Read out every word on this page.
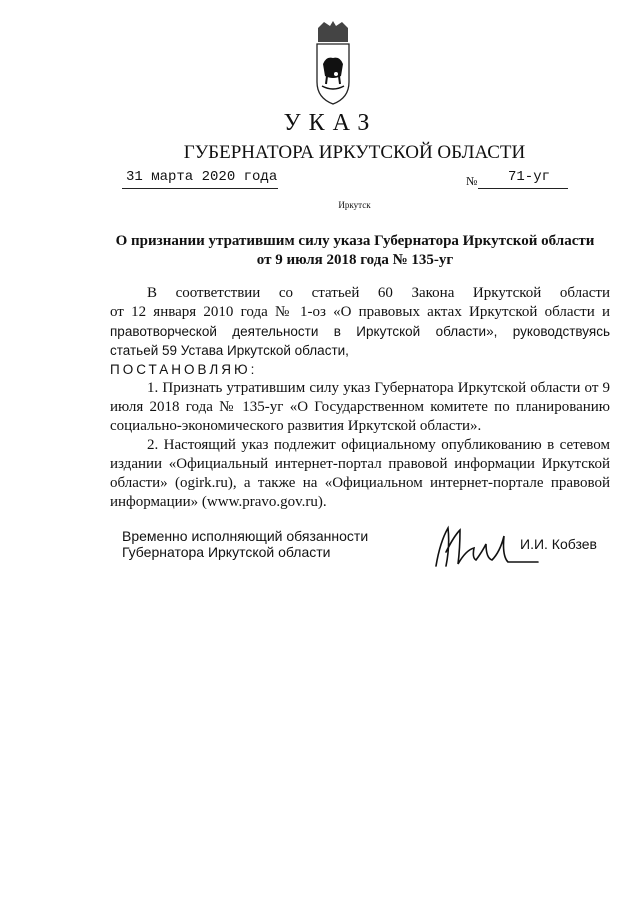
УКАЗ
ГУБЕРНАТОРА ИРКУТСКОЙ ОБЛАСТИ
31 марта 2020 года	№ 71-уг
Иркутск
О признании утратившим силу указа Губернатора Иркутской области
от 9 июля 2018 года № 135-уг

В соответствии со статьей 60 Закона Иркутской области

от 12 января 2010 года № 1-оз «О правовых актах Иркутской области и

правотворческой деятельности в Иркутской области», руководствуясь

статьей 59 Устава Иркутской области,

ПОСТАНОВЛЯЮ:

1. Признать утратившим силу указ Губернатора Иркутской области от 9 июля 2018 года № 135-уг «О Государственном комитете по планированию социально-экономического развития Иркутской области».

2. Настоящий указ подлежит официальному опубликованию в сетевом издании «Официальный интернет-портал правовой информации Иркутской области» (ogirk.ru), а также на «Официальном интернет-портале правовой информации» (www.pravo.gov.ru).

Временно исполняющий обязанности
Губернатора Иркутской области	И.И. Кобзев
